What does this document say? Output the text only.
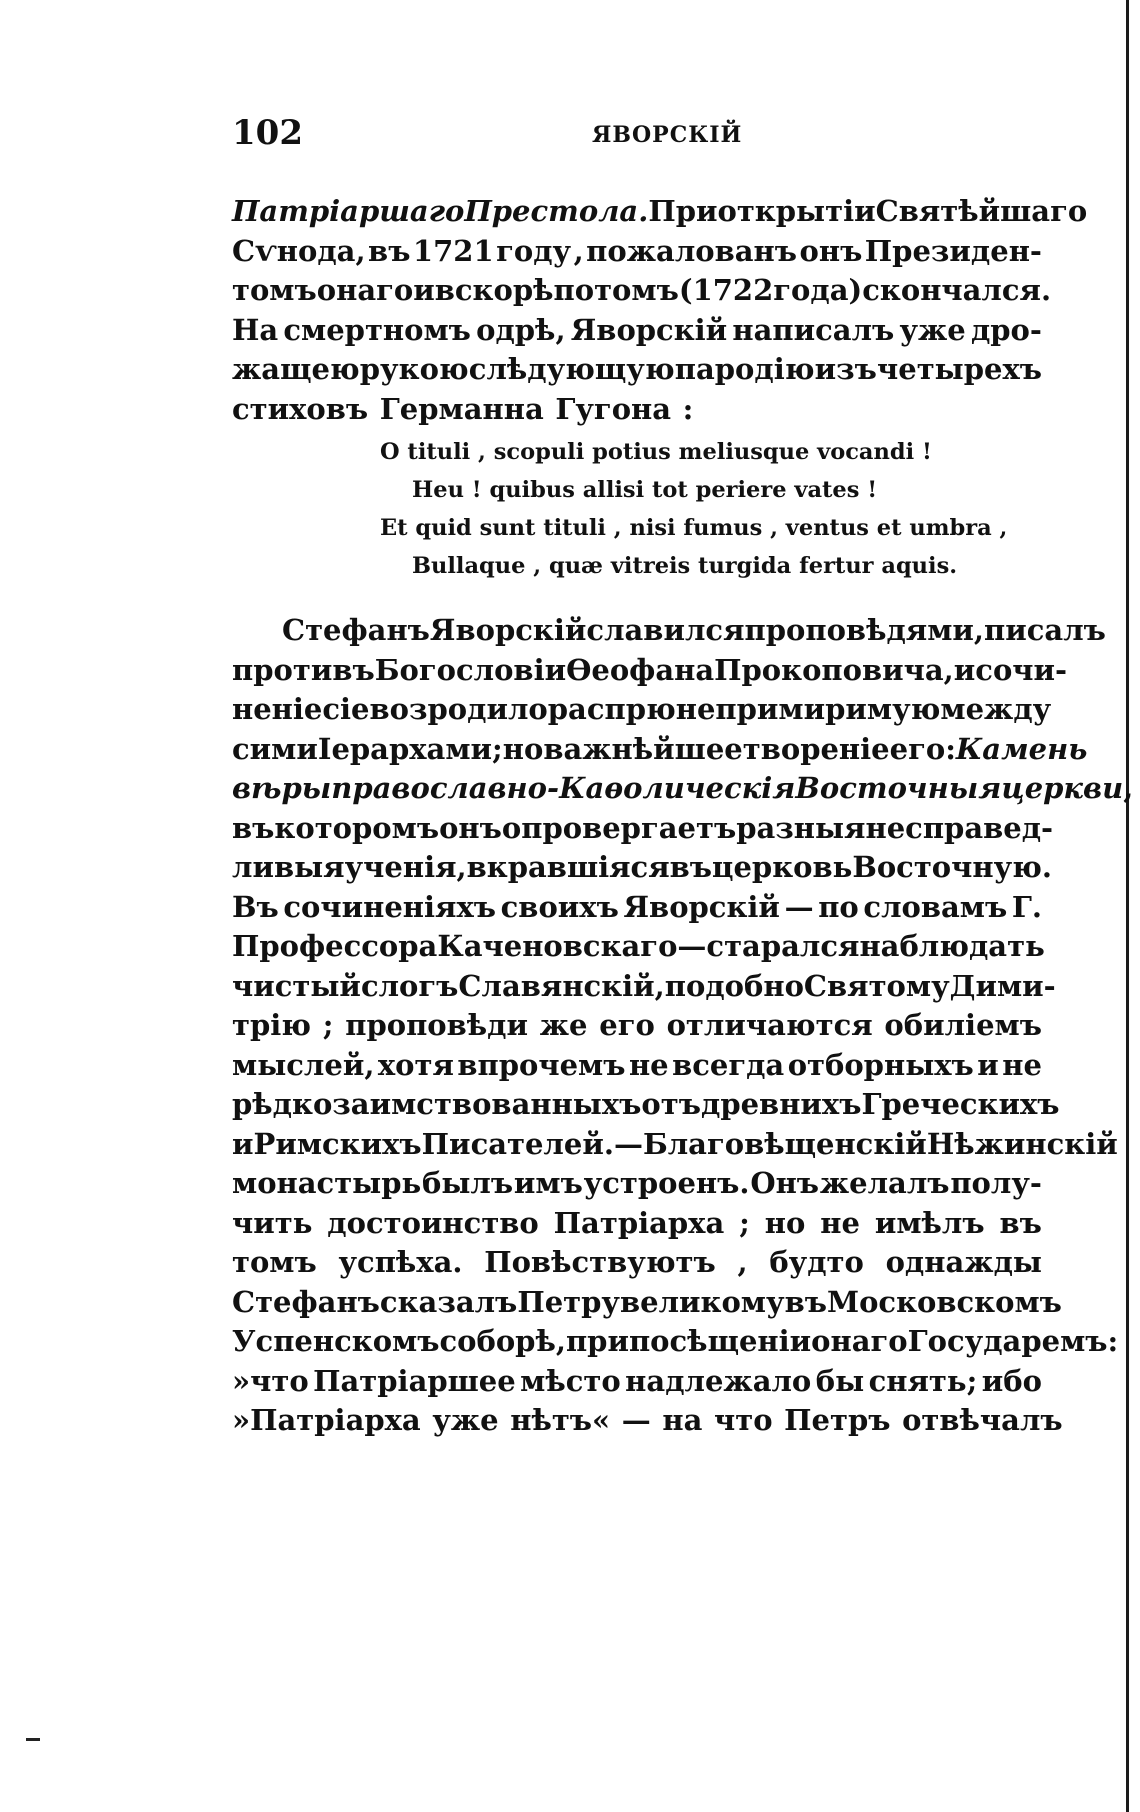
102	ЯВОРСКІЙ
Патріаршаго Престола. При открытіи Святѣйшаго
Сѵнода, въ 1721 году , пожалованъ онъ Президен-
томъ онаго и вскорѣ потомъ (1722 года) скончался.
На смертномъ одрѣ, Яворскій написалъ уже дро-
жащею рукою слѣдующую пародію изъ четырехъ
стиховъ Германна Гугона :
O tituli , scopuli potius meliusque vocandi !
Heu ! quibus allisi tot periere vates !
Et quid sunt tituli , nisi fumus , ventus et umbra ,
Bullaque , quæ vitreis turgida fertur aquis.
Стефанъ Яворскій славился проповѣдями, писалъ
противъ Богословіи Ѳеофана Прокоповича, и сочи-
неніе сіе возродило распрю непримиримую между
сими Іерархами; но важнѣйшее твореніе его: Камень
вѣры православно - Каѳолическія Восточныя церкви ,
въ которомъ онъ опровергаетъ разныя несправед-
ливыя ученія , вкравшіяся въ церковь Восточную.
Въ сочиненіяхъ своихъ Яворскій — по словамъ Г.
Профессора Каченовскаго — старался наблюдать
чистый слогъ Славянскій, подобно Святому Дими-
трію ; проповѣди же его отличаются обиліемъ
мыслей, хотя впрочемъ не всегда отборныхъ и не
рѣдко заимствованныхъ отъ древнихъ Греческихъ
и Римскихъ Писателей. — Благовѣщенскій Нѣжинскій
монастырь былъ имъ устроенъ. Онъ желалъ полу-
чить достоинство Патріарха ; но не имѣлъ въ
томъ успѣха. Повѣствуютъ , будто однажды
Стефанъ сказалъ Петру великому въ Московскомъ
Успенскомъ соборѣ, при посѣщеніи онаго Государемъ:
»что Патріаршее мѣсто надлежало бы снять; ибо
»Патріарха уже нѣтъ« — на что Петръ отвѣчалъ
